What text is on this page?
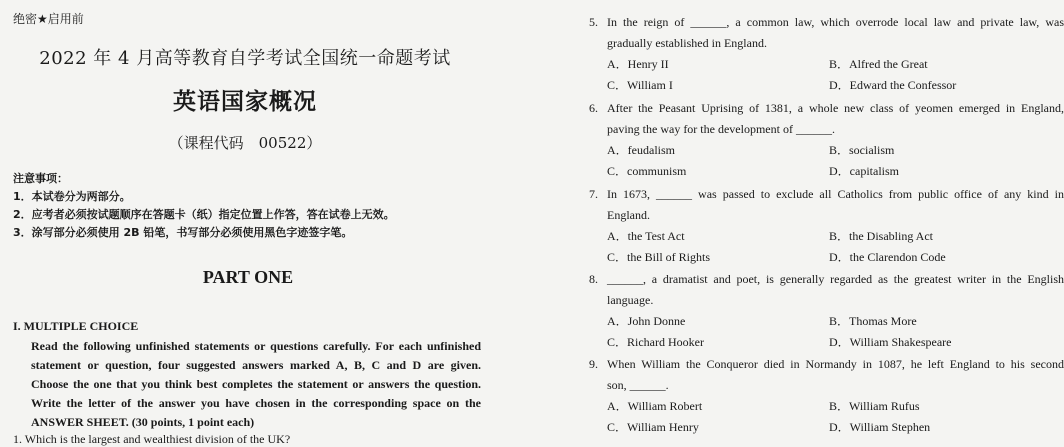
绝密★启用前
2022 年 4 月高等教育自学考试全国统一命题考试
英语国家概况
（课程代码　00522）
注意事项：
1．本试卷分为两部分。
2．应考者必须按试题顺序在答题卡（纸）指定位置上作答，答在试卷上无效。
3．涂写部分必须使用 2B 铅笔，书写部分必须使用黑色字迹签字笔。
PART ONE
I. MULTIPLE CHOICE
Read the following unfinished statements or questions carefully. For each unfinished
statement or question, four suggested answers marked A, B, C and D are given.
Choose the one that you think best completes the statement or answers the question.
Write the letter of the answer you have chosen in the corresponding space on the
ANSWER SHEET. (30 points, 1 point each)
1. Which is the largest and wealthiest division of the UK?
5. In the reign of ______, a common law, which overrode local law and private law, was
gradually established in England.
A．Henry II	B．Alfred the Great
C．William I	D．Edward the Confessor
6. After the Peasant Uprising of 1381, a whole new class of yeomen emerged in England,
paving the way for the development of ______.
A．feudalism	B．socialism
C．communism	D．capitalism
7. In 1673, ______ was passed to exclude all Catholics from public office of any kind in
England.
A．the Test Act	B．the Disabling Act
C．the Bill of Rights	D．the Clarendon Code
8. ______, a dramatist and poet, is generally regarded as the greatest writer in the English
language.
A．John Donne	B．Thomas More
C．Richard Hooker	D．William Shakespeare
9. When William the Conqueror died in Normandy in 1087, he left England to his second
son, ______.
A．William Robert	B．William Rufus
C．William Henry	D．William Stephen
